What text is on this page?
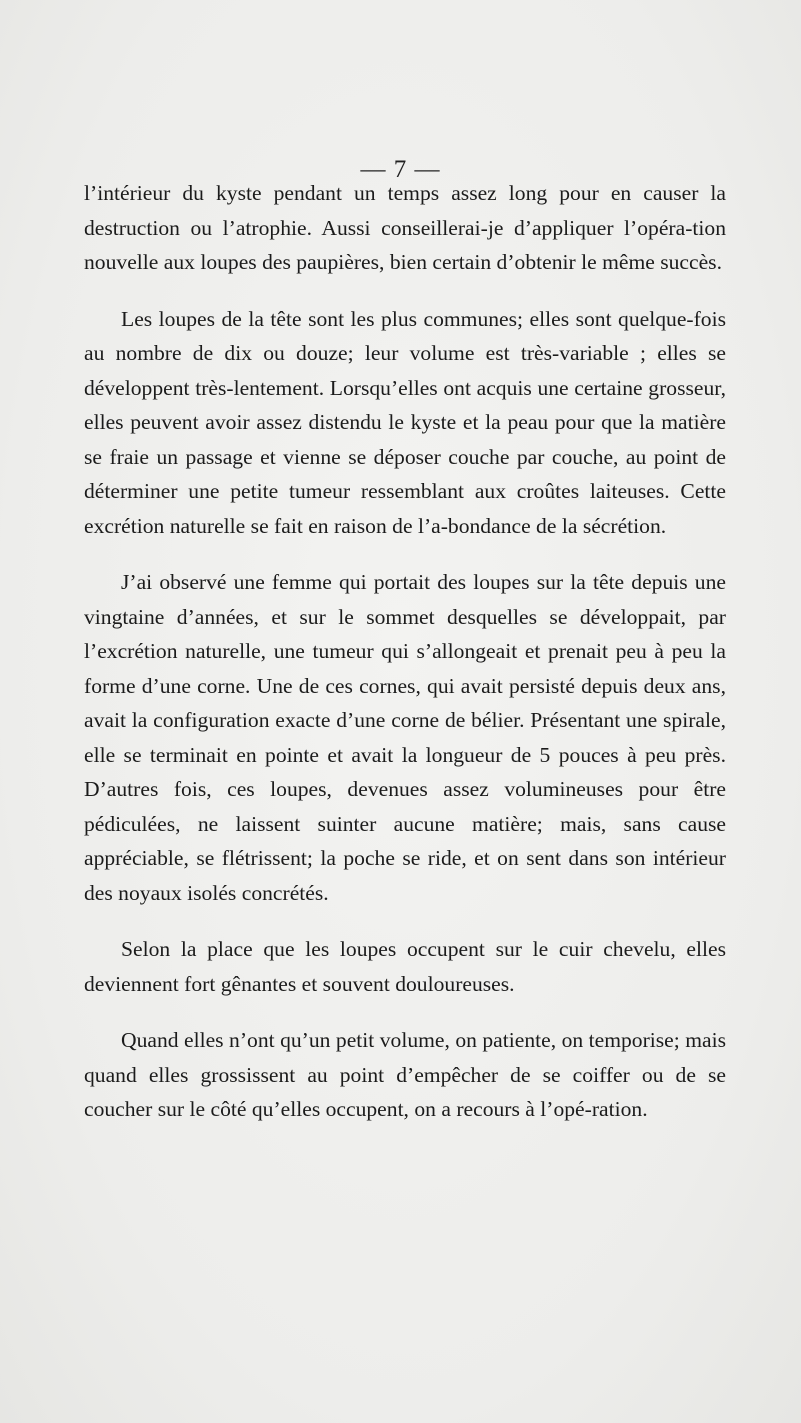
— 7 —

l’intérieur du kyste pendant un temps assez long pour en causer la destruction ou l’atrophie. Aussi conseillerai-je d’appliquer l’opéra-tion nouvelle aux loupes des paupières, bien certain d’obtenir le même succès.

Les loupes de la tête sont les plus communes; elles sont quelque-fois au nombre de dix ou douze; leur volume est très-variable ; elles se développent très-lentement. Lorsqu’elles ont acquis une certaine grosseur, elles peuvent avoir assez distendu le kyste et la peau pour que la matière se fraie un passage et vienne se déposer couche par couche, au point de déterminer une petite tumeur ressemblant aux croûtes laiteuses. Cette excrétion naturelle se fait en raison de l’a-bondance de la sécrétion.

J’ai observé une femme qui portait des loupes sur la tête depuis une vingtaine d’années, et sur le sommet desquelles se développait, par l’excrétion naturelle, une tumeur qui s’allongeait et prenait peu à peu la forme d’une corne. Une de ces cornes, qui avait persisté depuis deux ans, avait la configuration exacte d’une corne de bélier. Présentant une spirale, elle se terminait en pointe et avait la longueur de 5 pouces à peu près. D’autres fois, ces loupes, devenues assez volumineuses pour être pédiculées, ne laissent suinter aucune matière; mais, sans cause appréciable, se flétrissent; la poche se ride, et on sent dans son intérieur des noyaux isolés concrétés.

Selon la place que les loupes occupent sur le cuir chevelu, elles deviennent fort gênantes et souvent douloureuses.

Quand elles n’ont qu’un petit volume, on patiente, on temporise; mais quand elles grossissent au point d’empêcher de se coiffer ou de se coucher sur le côté qu’elles occupent, on a recours à l’opé-ration.
